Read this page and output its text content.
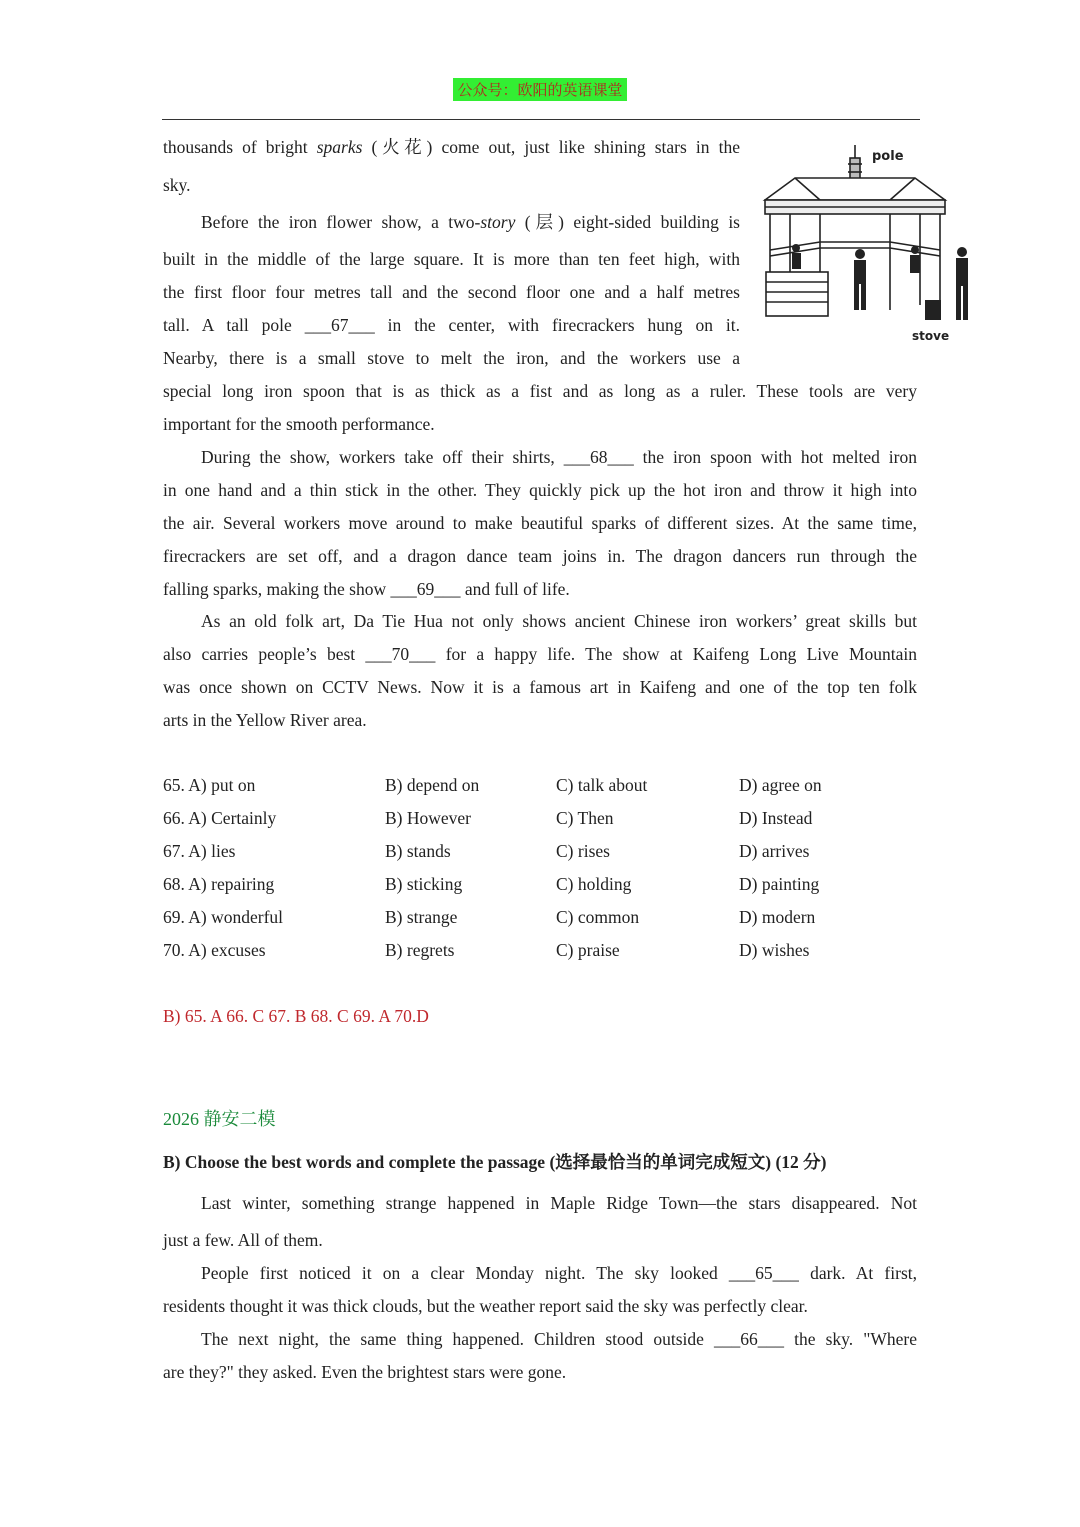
公众号：欧阳的英语课堂

thousands of bright sparks (火花) come out, just like shining stars in the

sky.

Before the iron flower show, a two-story (层) eight-sided building is

built in the middle of the large square. It is more than ten feet high, with

the first floor four metres tall and the second floor one and a half metres

tall. A tall pole ___67___ in the center, with firecrackers hung on it.

Nearby, there is a small stove to melt the iron, and the workers use a

special long iron spoon that is as thick as a fist and as long as a ruler. These tools are very

important for the smooth performance.

During the show, workers take off their shirts, ___68___ the iron spoon with hot melted iron

in one hand and a thin stick in the other. They quickly pick up the hot iron and throw it high into

the air. Several workers move around to make beautiful sparks of different sizes. At the same time,

firecrackers are set off, and a dragon dance team joins in. The dragon dancers run through the

falling sparks, making the show ___69___ and full of life.

As an old folk art, Da Tie Hua not only shows ancient Chinese iron workers’ great skills but

also carries people’s best ___70___ for a happy life. The show at Kaifeng Long Live Mountain

was once shown on CCTV News. Now it is a famous art in Kaifeng and one of the top ten folk

arts in the Yellow River area.

pole
stove

65. A) put on	B) depend on	C) talk about	D) agree on

66. A) Certainly	B) However	C) Then	D) Instead

67. A) lies	B) stands	C) rises	D) arrives

68. A) repairing	B) sticking	C) holding	D) painting

69. A) wonderful	B) strange	C) common	D) modern

70. A) excuses	B) regrets	C) praise	D) wishes

B) 65. A 66. C 67. B 68. C 69. A 70.D

2026 静安二模

B) Choose the best words and complete the passage (选择最恰当的单词完成短文) (12 分)

Last winter, something strange happened in Maple Ridge Town—the stars disappeared. Not

just a few. All of them.

People first noticed it on a clear Monday night. The sky looked ___65___ dark. At first,

residents thought it was thick clouds, but the weather report said the sky was perfectly clear.

The next night, the same thing happened. Children stood outside ___66___ the sky. "Where

are they?" they asked. Even the brightest stars were gone.
